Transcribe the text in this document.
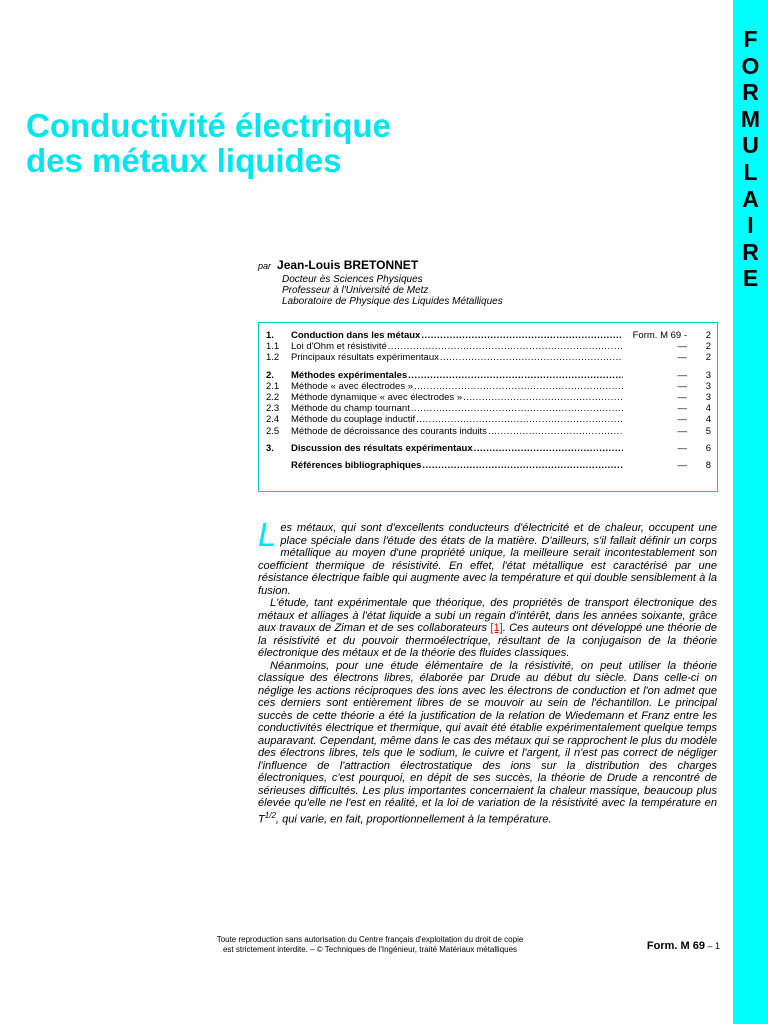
F
O
R
M
U
L
A
I
R
E
Conductivité électrique
des métaux liquides
par Jean-Louis BRETONNET
Docteur ès Sciences Physiques
Professeur à l'Université de Metz
Laboratoire de Physique des Liquides Métalliques
1.	Conduction dans les métaux .....	Form. M 69 -	2
1.1	Loi d'Ohm et résistivité .....	—	2
1.2	Principaux résultats expérimentaux .....	—	2
2.	Méthodes expérimentales .....	—	3
2.1	Méthode « avec électrodes » .....	—	3
2.2	Méthode dynamique « avec électrodes » .....	—	3
2.3	Méthode du champ tournant .....	—	4
2.4	Méthode du couplage inductif .....	—	4
2.5	Méthode de décroissance des courants induits .....	—	5
3.	Discussion des résultats expérimentaux .....	—	6
Références bibliographiques .....	—	8

Les métaux, qui sont d'excellents conducteurs d'électricité et de chaleur, occupent une place spéciale dans l'étude des états de la matière. D'ailleurs, s'il fallait définir un corps métallique au moyen d'une propriété unique, la meilleure serait incontestablement son coefficient thermique de résistivité. En effet, l'état métallique est caractérisé par une résistance électrique faible qui augmente avec la température et qui double sensiblement à la fusion.

L'étude, tant expérimentale que théorique, des propriétés de transport électronique des métaux et alliages à l'état liquide a subi un regain d'intérêt, dans les années soixante, grâce aux travaux de Ziman et de ses collaborateurs [1]. Ces auteurs ont développé une théorie de la résistivité et du pouvoir thermoélectrique, résultant de la conjugaison de la théorie électronique des métaux et de la théorie des fluides classiques.

Néanmoins, pour une étude élémentaire de la résistivité, on peut utiliser la théorie classique des électrons libres, élaborée par Drude au début du siècle. Dans celle-ci on néglige les actions réciproques des ions avec les électrons de conduction et l'on admet que ces derniers sont entièrement libres de se mouvoir au sein de l'échantillon. Le principal succès de cette théorie a été la justification de la relation de Wiedemann et Franz entre les conductivités électrique et thermique, qui avait été établie expérimentalement quelque temps auparavant. Cependant, même dans le cas des métaux qui se rapprochent le plus du modèle des électrons libres, tels que le sodium, le cuivre et l'argent, il n'est pas correct de négliger l'influence de l'attraction électrostatique des ions sur la distribution des charges électroniques, c'est pourquoi, en dépit de ses succès, la théorie de Drude a rencontré de sérieuses difficultés. Les plus importantes concernaient la chaleur massique, beaucoup plus élevée qu'elle ne l'est en réalité, et la loi de variation de la résistivité avec la température en $T^{1/2}$, qui varie, en fait, proportionnellement à la température.

Toute reproduction sans autorisation du Centre français d'exploitation du droit de copie
est strictement interdite. – © Techniques de l'Ingénieur, traité Matériaux métalliques	Form. M 69 – 1
